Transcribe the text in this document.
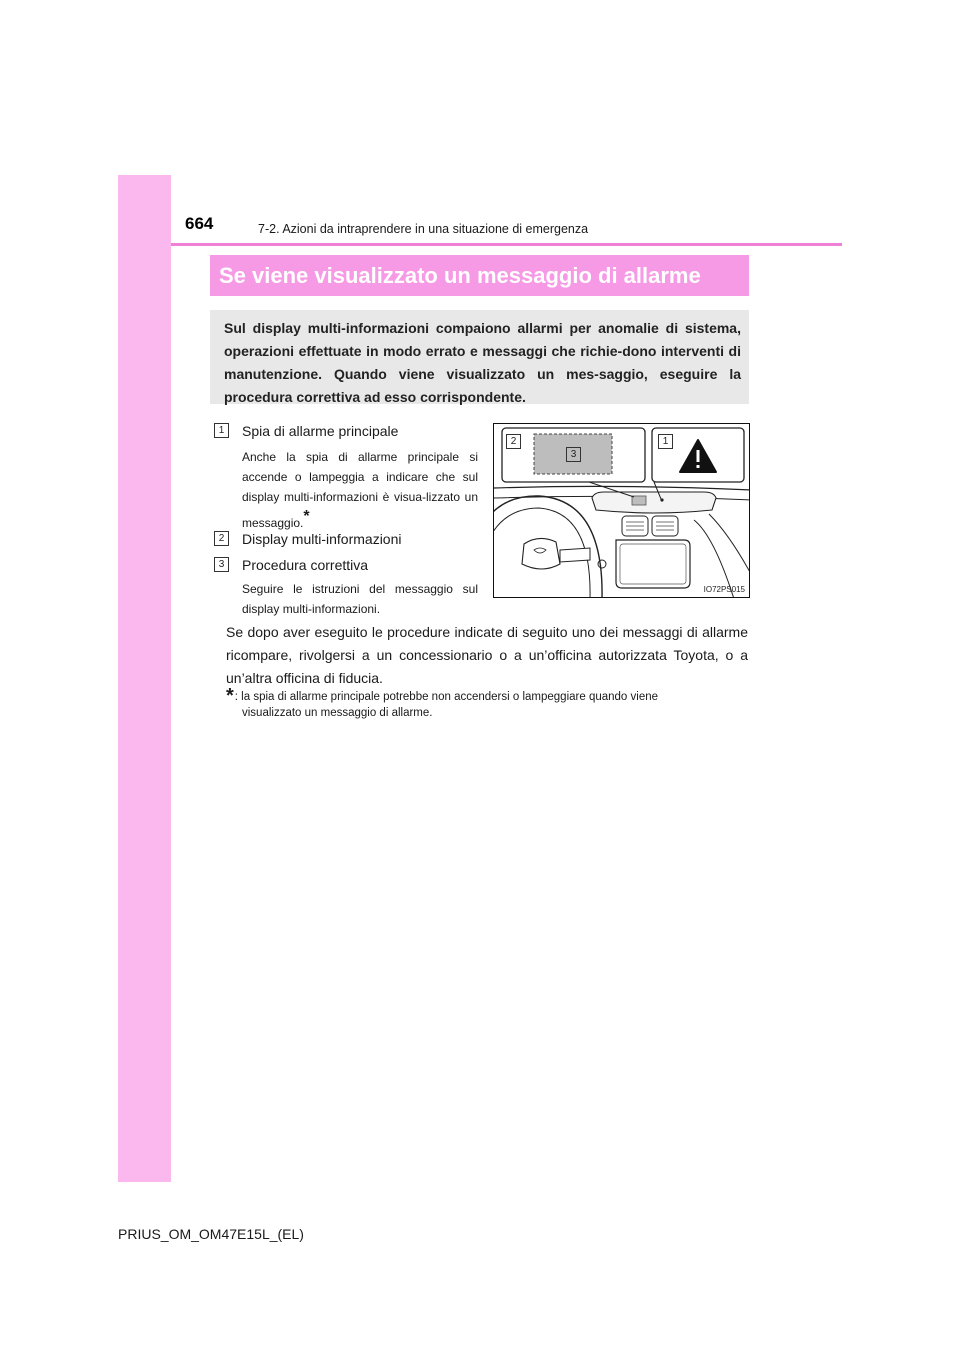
664	7-2. Azioni da intraprendere in una situazione di emergenza
Se viene visualizzato un messaggio di allarme
Sul display multi-informazioni compaiono allarmi per anomalie di sistema, operazioni effettuate in modo errato e messaggi che richie-dono interventi di manutenzione. Quando viene visualizzato un mes-saggio, eseguire la procedura correttiva ad esso corrispondente.
1	Spia di allarme principale
Anche la spia di allarme principale si accende o lampeggia a indicare che sul display multi-informazioni è visua-lizzato un messaggio.*
2	Display multi-informazioni
3	Procedura correttiva
Seguire le istruzioni del messaggio sul display multi-informazioni.
2
3
1
IO72PS015
Se dopo aver eseguito le procedure indicate di seguito uno dei messaggi di allarme ricompare, rivolgersi a un concessionario o a un’officina autorizzata Toyota, o a un’altra officina di fiducia.
*: la spia di allarme principale potrebbe non accendersi o lampeggiare quando viene
visualizzato un messaggio di allarme.
PRIUS_OM_OM47E15L_(EL)
